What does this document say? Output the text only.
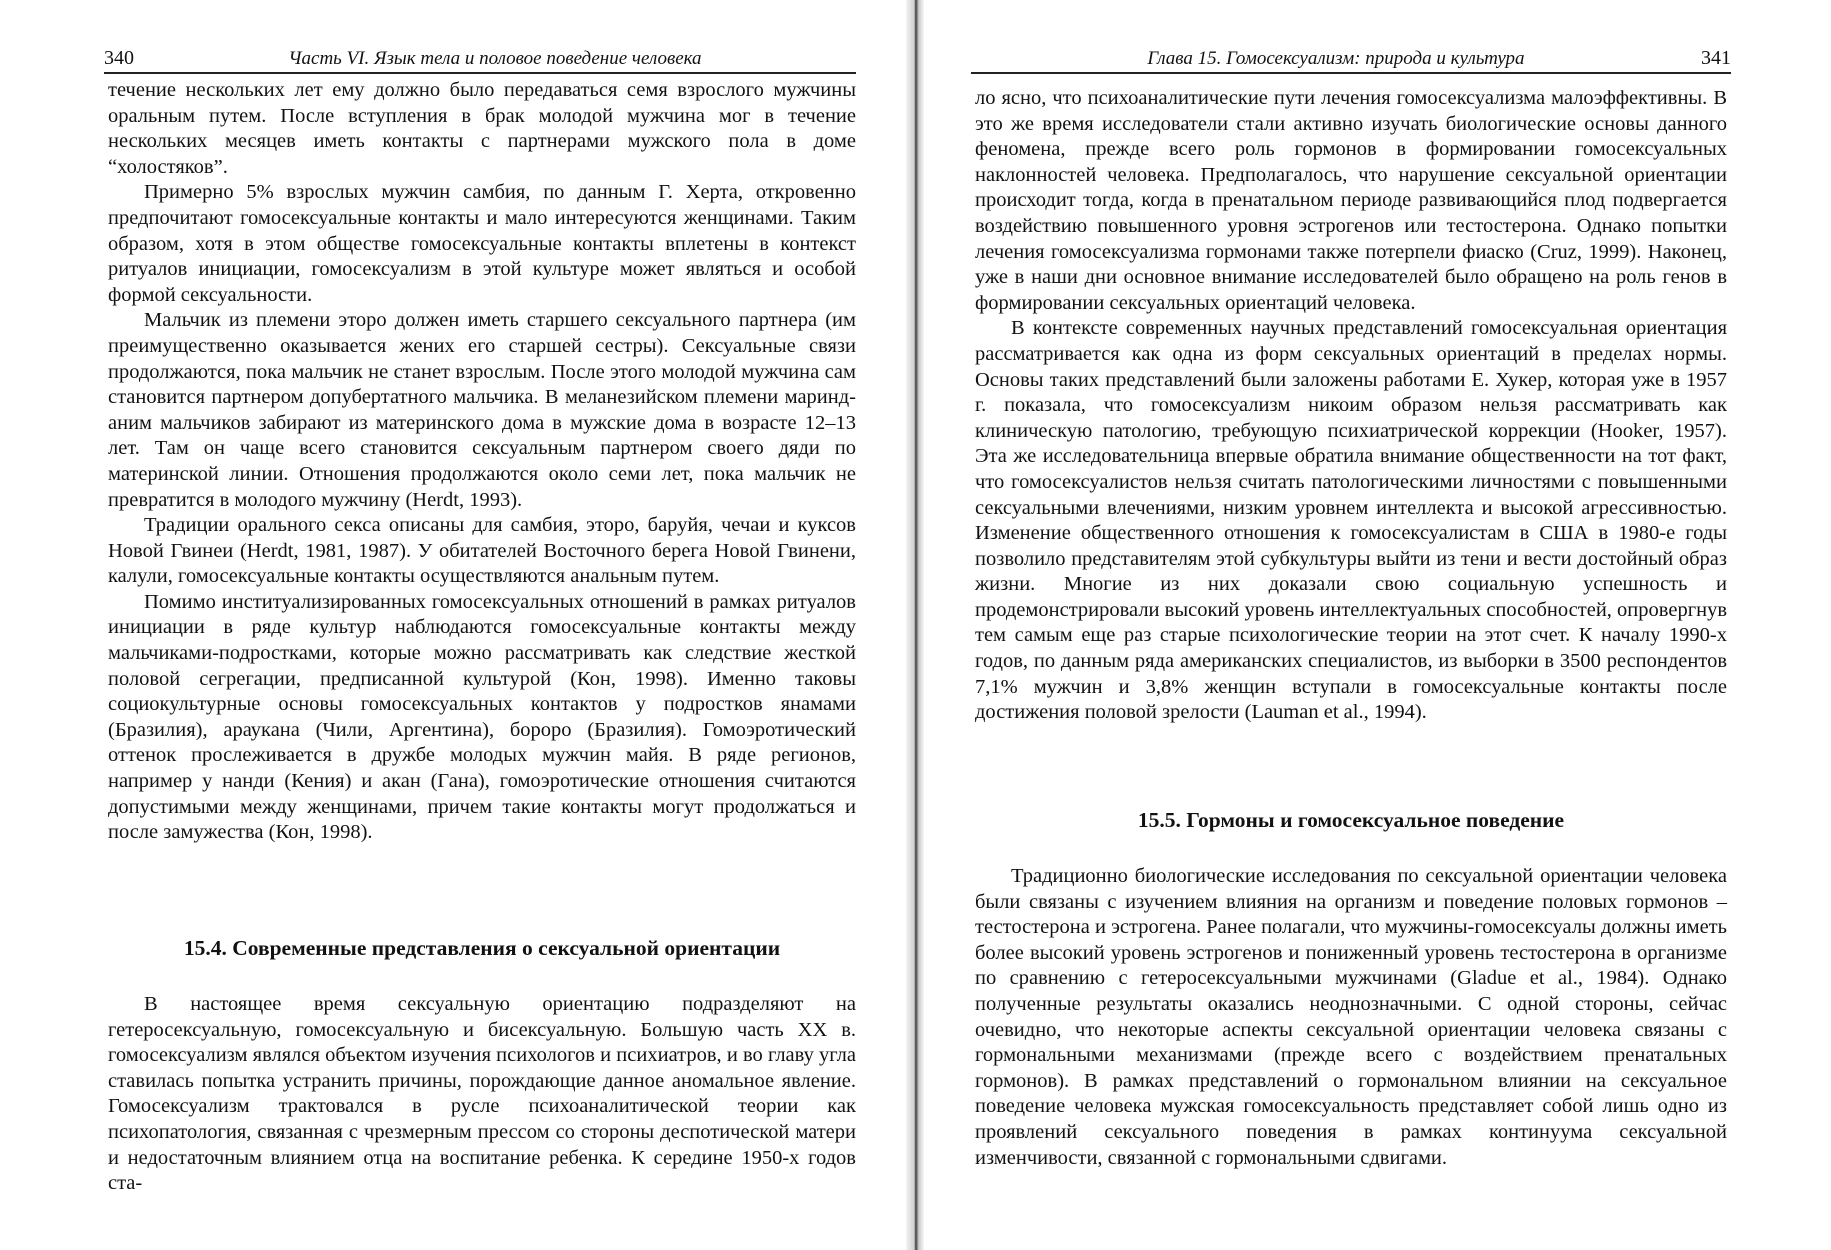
340	Часть VI. Язык тела и половое поведение человека

течение нескольких лет ему должно было передаваться семя взрослого мужчины оральным путем. После вступления в брак молодой мужчина мог в течение нескольких месяцев иметь контакты с партнерами мужского пола в доме “холостяков”.

Примерно 5% взрослых мужчин самбия, по данным Г. Херта, откровенно предпочитают гомосексуальные контакты и мало интересуются женщинами. Таким образом, хотя в этом обществе гомосексуальные контакты вплетены в контекст ритуалов инициации, гомосексуализм в этой культуре может являться и особой формой сексуальности.

Мальчик из племени эторо должен иметь старшего сексуального партнера (им преимущественно оказывается жених его старшей сестры). Сексуальные связи продолжаются, пока мальчик не станет взрослым. После этого молодой мужчина сам становится партнером допубертатного мальчика. В меланезийском племени маринд-аним мальчиков забирают из материнского дома в мужские дома в возрасте 12–13 лет. Там он чаще всего становится сексуальным партнером своего дяди по материнской линии. Отношения продолжаются около семи лет, пока мальчик не превратится в молодого мужчину (Herdt, 1993).

Традиции орального секса описаны для самбия, эторо, баруйя, чечаи и куксов Новой Гвинеи (Herdt, 1981, 1987). У обитателей Восточного берега Новой Гвинени, калули, гомосексуальные контакты осуществляются анальным путем.

Помимо институализированных гомосексуальных отношений в рамках ритуалов инициации в ряде культур наблюдаются гомосексуальные контакты между мальчиками-подростками, которые можно рассматривать как следствие жесткой половой сегрегации, предписанной культурой (Кон, 1998). Именно таковы социокультурные основы гомосексуальных контактов у подростков янамами (Бразилия), араукана (Чили, Аргентина), бороро (Бразилия). Гомоэротический оттенок прослеживается в дружбе молодых мужчин майя. В ряде регионов, например у нанди (Кения) и акан (Гана), гомоэротические отношения считаются допустимыми между женщинами, причем такие контакты могут продолжаться и после замужества (Кон, 1998).

15.4. Современные представления о сексуальной ориентации

В настоящее время сексуальную ориентацию подразделяют на гетеросексуальную, гомосексуальную и бисексуальную. Большую часть XX в. гомосексуализм являлся объектом изучения психологов и психиатров, и во главу угла ставилась попытка устранить причины, порождающие данное аномальное явление. Гомосексуализм трактовался в русле психоаналитической теории как психопатология, связанная с чрезмерным прессом со стороны деспотической матери и недостаточным влиянием отца на воспитание ребенка. К середине 1950-х годов ста-

Глава 15. Гомосексуализм: природа и культура	341

ло ясно, что психоаналитические пути лечения гомосексуализма малоэффективны. В это же время исследователи стали активно изучать биологические основы данного феномена, прежде всего роль гормонов в формировании гомосексуальных наклонностей человека. Предполагалось, что нарушение сексуальной ориентации происходит тогда, когда в пренатальном периоде развивающийся плод подвергается воздействию повышенного уровня эстрогенов или тестостерона. Однако попытки лечения гомосексуализма гормонами также потерпели фиаско (Cruz, 1999). Наконец, уже в наши дни основное внимание исследователей было обращено на роль генов в формировании сексуальных ориентаций человека.

В контексте современных научных представлений гомосексуальная ориентация рассматривается как одна из форм сексуальных ориентаций в пределах нормы. Основы таких представлений были заложены работами Е. Хукер, которая уже в 1957 г. показала, что гомосексуализм никоим образом нельзя рассматривать как клиническую патологию, требующую психиатрической коррекции (Hooker, 1957). Эта же исследовательница впервые обратила внимание общественности на тот факт, что гомосексуалистов нельзя считать патологическими личностями с повышенными сексуальными влечениями, низким уровнем интеллекта и высокой агрессивностью. Изменение общественного отношения к гомосексуалистам в США в 1980-е годы позволило представителям этой субкультуры выйти из тени и вести достойный образ жизни. Многие из них доказали свою социальную успешность и продемонстрировали высокий уровень интеллектуальных способностей, опровергнув тем самым еще раз старые психологические теории на этот счет. К началу 1990-х годов, по данным ряда американских специалистов, из выборки в 3500 респондентов 7,1% мужчин и 3,8% женщин вступали в гомосексуальные контакты после достижения половой зрелости (Lauman et al., 1994).

15.5. Гормоны и гомосексуальное поведение

Традиционно биологические исследования по сексуальной ориентации человека были связаны с изучением влияния на организм и поведение половых гормонов – тестостерона и эстрогена. Ранее полагали, что мужчины-гомосексуалы должны иметь более высокий уровень эстрогенов и пониженный уровень тестостерона в организме по сравнению с гетеросексуальными мужчинами (Gladue et al., 1984). Однако полученные результаты оказались неоднозначными. С одной стороны, сейчас очевидно, что некоторые аспекты сексуальной ориентации человека связаны с гормональными механизмами (прежде всего с воздействием пренатальных гормонов). В рамках представлений о гормональном влиянии на сексуальное поведение человека мужская гомосексуальность представляет собой лишь одно из проявлений сексуального поведения в рамках континуума сексуальной изменчивости, связанной с гормональными сдвигами.
